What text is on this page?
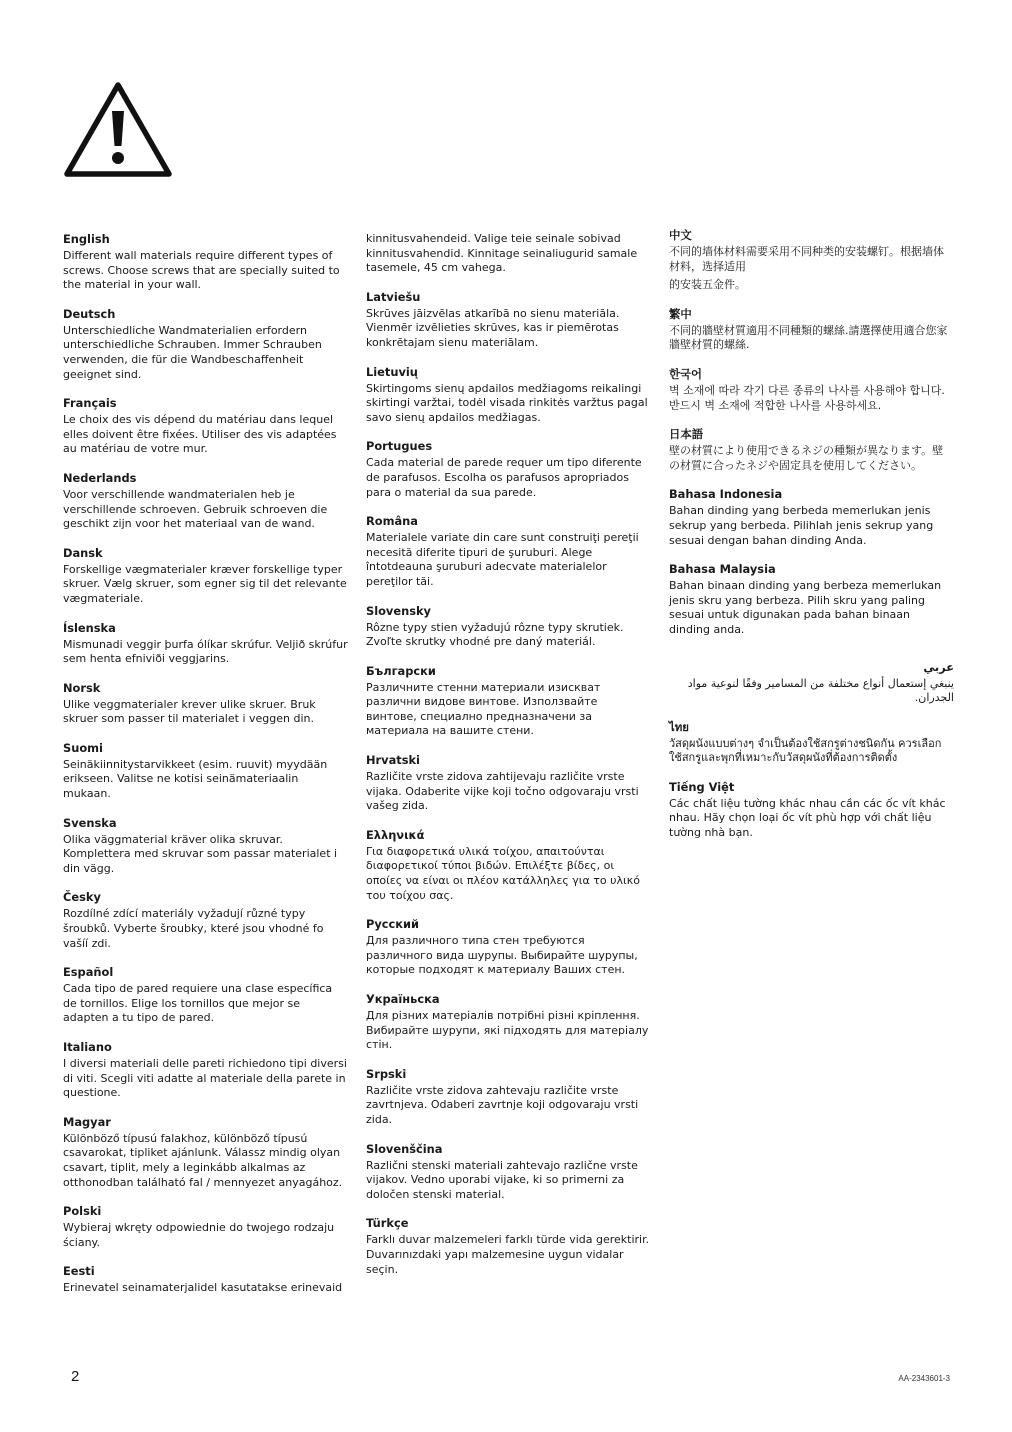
English
Different wall materials require different types of screws. Choose screws that are specially suited to the material in your wall.
Deutsch
Unterschiedliche Wandmaterialien erfordern unterschiedliche Schrauben. Immer Schrauben verwenden, die für die Wandbeschaffenheit geeignet sind.
Français
Le choix des vis dépend du matériau dans lequel elles doivent être fixées. Utiliser des vis adaptées au matériau de votre mur.
Nederlands
Voor verschillende wandmaterialen heb je verschillende schroeven. Gebruik schroeven die geschikt zijn voor het materiaal van de wand.
Dansk
Forskellige vægmaterialer kræver forskellige typer skruer. Vælg skruer, som egner sig til det relevante vægmateriale.
Íslenska
Mismunadi veggir þurfa ólíkar skrúfur. Veljið skrúfur sem henta efniviði veggjarins.
Norsk
Ulike veggmaterialer krever ulike skruer. Bruk skruer som passer til materialet i veggen din.
Suomi
Seinäkiinnitystarvikkeet (esim. ruuvit) myydään erikseen. Valitse ne kotisi seinämateriaalin mukaan.
Svenska
Olika väggmaterial kräver olika skruvar. Komplettera med skruvar som passar materialet i din vägg.
Česky
Rozdílné zdící materiály vyžadují různé typy šroubků. Vyberte šroubky, které jsou vhodné fo vašíí zdi.
Español
Cada tipo de pared requiere una clase específica de tornillos. Elige los tornillos que mejor se adapten a tu tipo de pared.
Italiano
I diversi materiali delle pareti richiedono tipi diversi di viti. Scegli viti adatte al materiale della parete in questione.
Magyar
Különböző típusú falakhoz, különböző típusú csavarokat, tipliket ajánlunk. Válassz mindig olyan csavart, tiplit, mely a leginkább alkalmas az otthonodban található fal / mennyezet anyagához.
Polski
Wybieraj wkręty odpowiednie do twojego rodzaju ściany.
Eesti
Erinevatel seinamaterjalidel kasutatakse erinevaid
kinnitusvahendeid. Valige teie seinale sobivad kinnitusvahendid. Kinnitage seinaliugurid samale tasemele, 45 cm vahega.
Latviešu
Skrūves jāizvēlas atkarībā no sienu materiāla. Vienmēr izvēlieties skrūves, kas ir piemērotas konkrētajam sienu materiālam.
Lietuvių
Skirtingoms sienų apdailos medžiagoms reikalingi skirtingi varžtai, todėl visada rinkitės varžtus pagal savo sienų apdailos medžiagas.
Portugues
Cada material de parede requer um tipo diferente de parafusos. Escolha os parafusos apropriados para o material da sua parede.
Româna
Materialele variate din care sunt construiţi pereţii necesită diferite tipuri de şuruburi. Alege întotdeauna şuruburi adecvate materialelor pereţilor tăi.
Slovensky
Rôzne typy stien vyžadujú rôzne typy skrutiek. Zvoľte skrutky vhodné pre daný materiál.
Български
Различните стенни материали изискват различни видове винтове. Използвайте винтове, специално предназначени за материала на вашите стени.
Hrvatski
Različite vrste zidova zahtijevaju različite vrste vijaka. Odaberite vijke koji točno odgovaraju vrsti vašeg zida.
Ελληνικά
Για διαφορετικά υλικά τοίχου, απαιτούνται διαφορετικοί τύποι βιδών. Επιλέξτε βίδες, οι οποίες να είναι οι πλέον κατάλληλες για το υλικό του τοίχου σας.
Русский
Для различного типа стен требуются различного вида шурупы. Выбирайте шурупы, которые подходят к материалу Ваших стен.
Україньска
Для різних матеріалів потрібні різні кріплення. Вибирайте шурупи, які підходять для матеріалу стін.
Srpski
Različite vrste zidova zahtevaju različite vrste zavrtnjeva. Odaberi zavrtnje koji odgovaraju vrsti zida.
Slovenščina
Različni stenski materiali zahtevajo različne vrste vijakov. Vedno uporabi vijake, ki so primerni za določen stenski material.
Türkçe
Farklı duvar malzemeleri farklı türde vida gerektirir. Duvarınızdaki yapı malzemesine uygun vidalar seçin.
中文
不同的墙体材料需要采用不同种类的安装螺钉。根据墙体材料，选择适用
的安装五金件。
繁中
不同的牆壁材質適用不同種類的螺絲.請選擇使用適合您家牆壁材質的螺絲.
한국어
벽 소재에 따라 각기 다른 종류의 나사를 사용해야 합니다. 반드시 벽 소재에 적합한 나사를 사용하세요.
日本語
壁の材質により使用できるネジの種類が異なります。壁の材質に合ったネジや固定具を使用してください。
Bahasa Indonesia
Bahan dinding yang berbeda memerlukan jenis sekrup yang berbeda. Pilihlah jenis sekrup yang sesuai dengan bahan dinding Anda.
Bahasa Malaysia
Bahan binaan dinding yang berbeza memerlukan jenis skru yang berbeza. Pilih skru yang paling sesuai untuk digunakan pada bahan binaan dinding anda.
عربي
ينبغي إستعمال أنواع مختلفة من المسامير وفقًا لنوعية مواد الجدران.
ไทย
วัสดุผนังแบบต่างๆ จำเป็นต้องใช้สกรูต่างชนิดกัน ควรเลือกใช้สกรูและพุกที่เหมาะกับวัสดุผนังที่ต้องการติดตั้ง
Tiếng Việt
Các chất liệu tường khác nhau cần các ốc vít khác nhau. Hãy chọn loại ốc vít phù hợp với chất liệu tường nhà bạn.
2	AA-2343601-3
